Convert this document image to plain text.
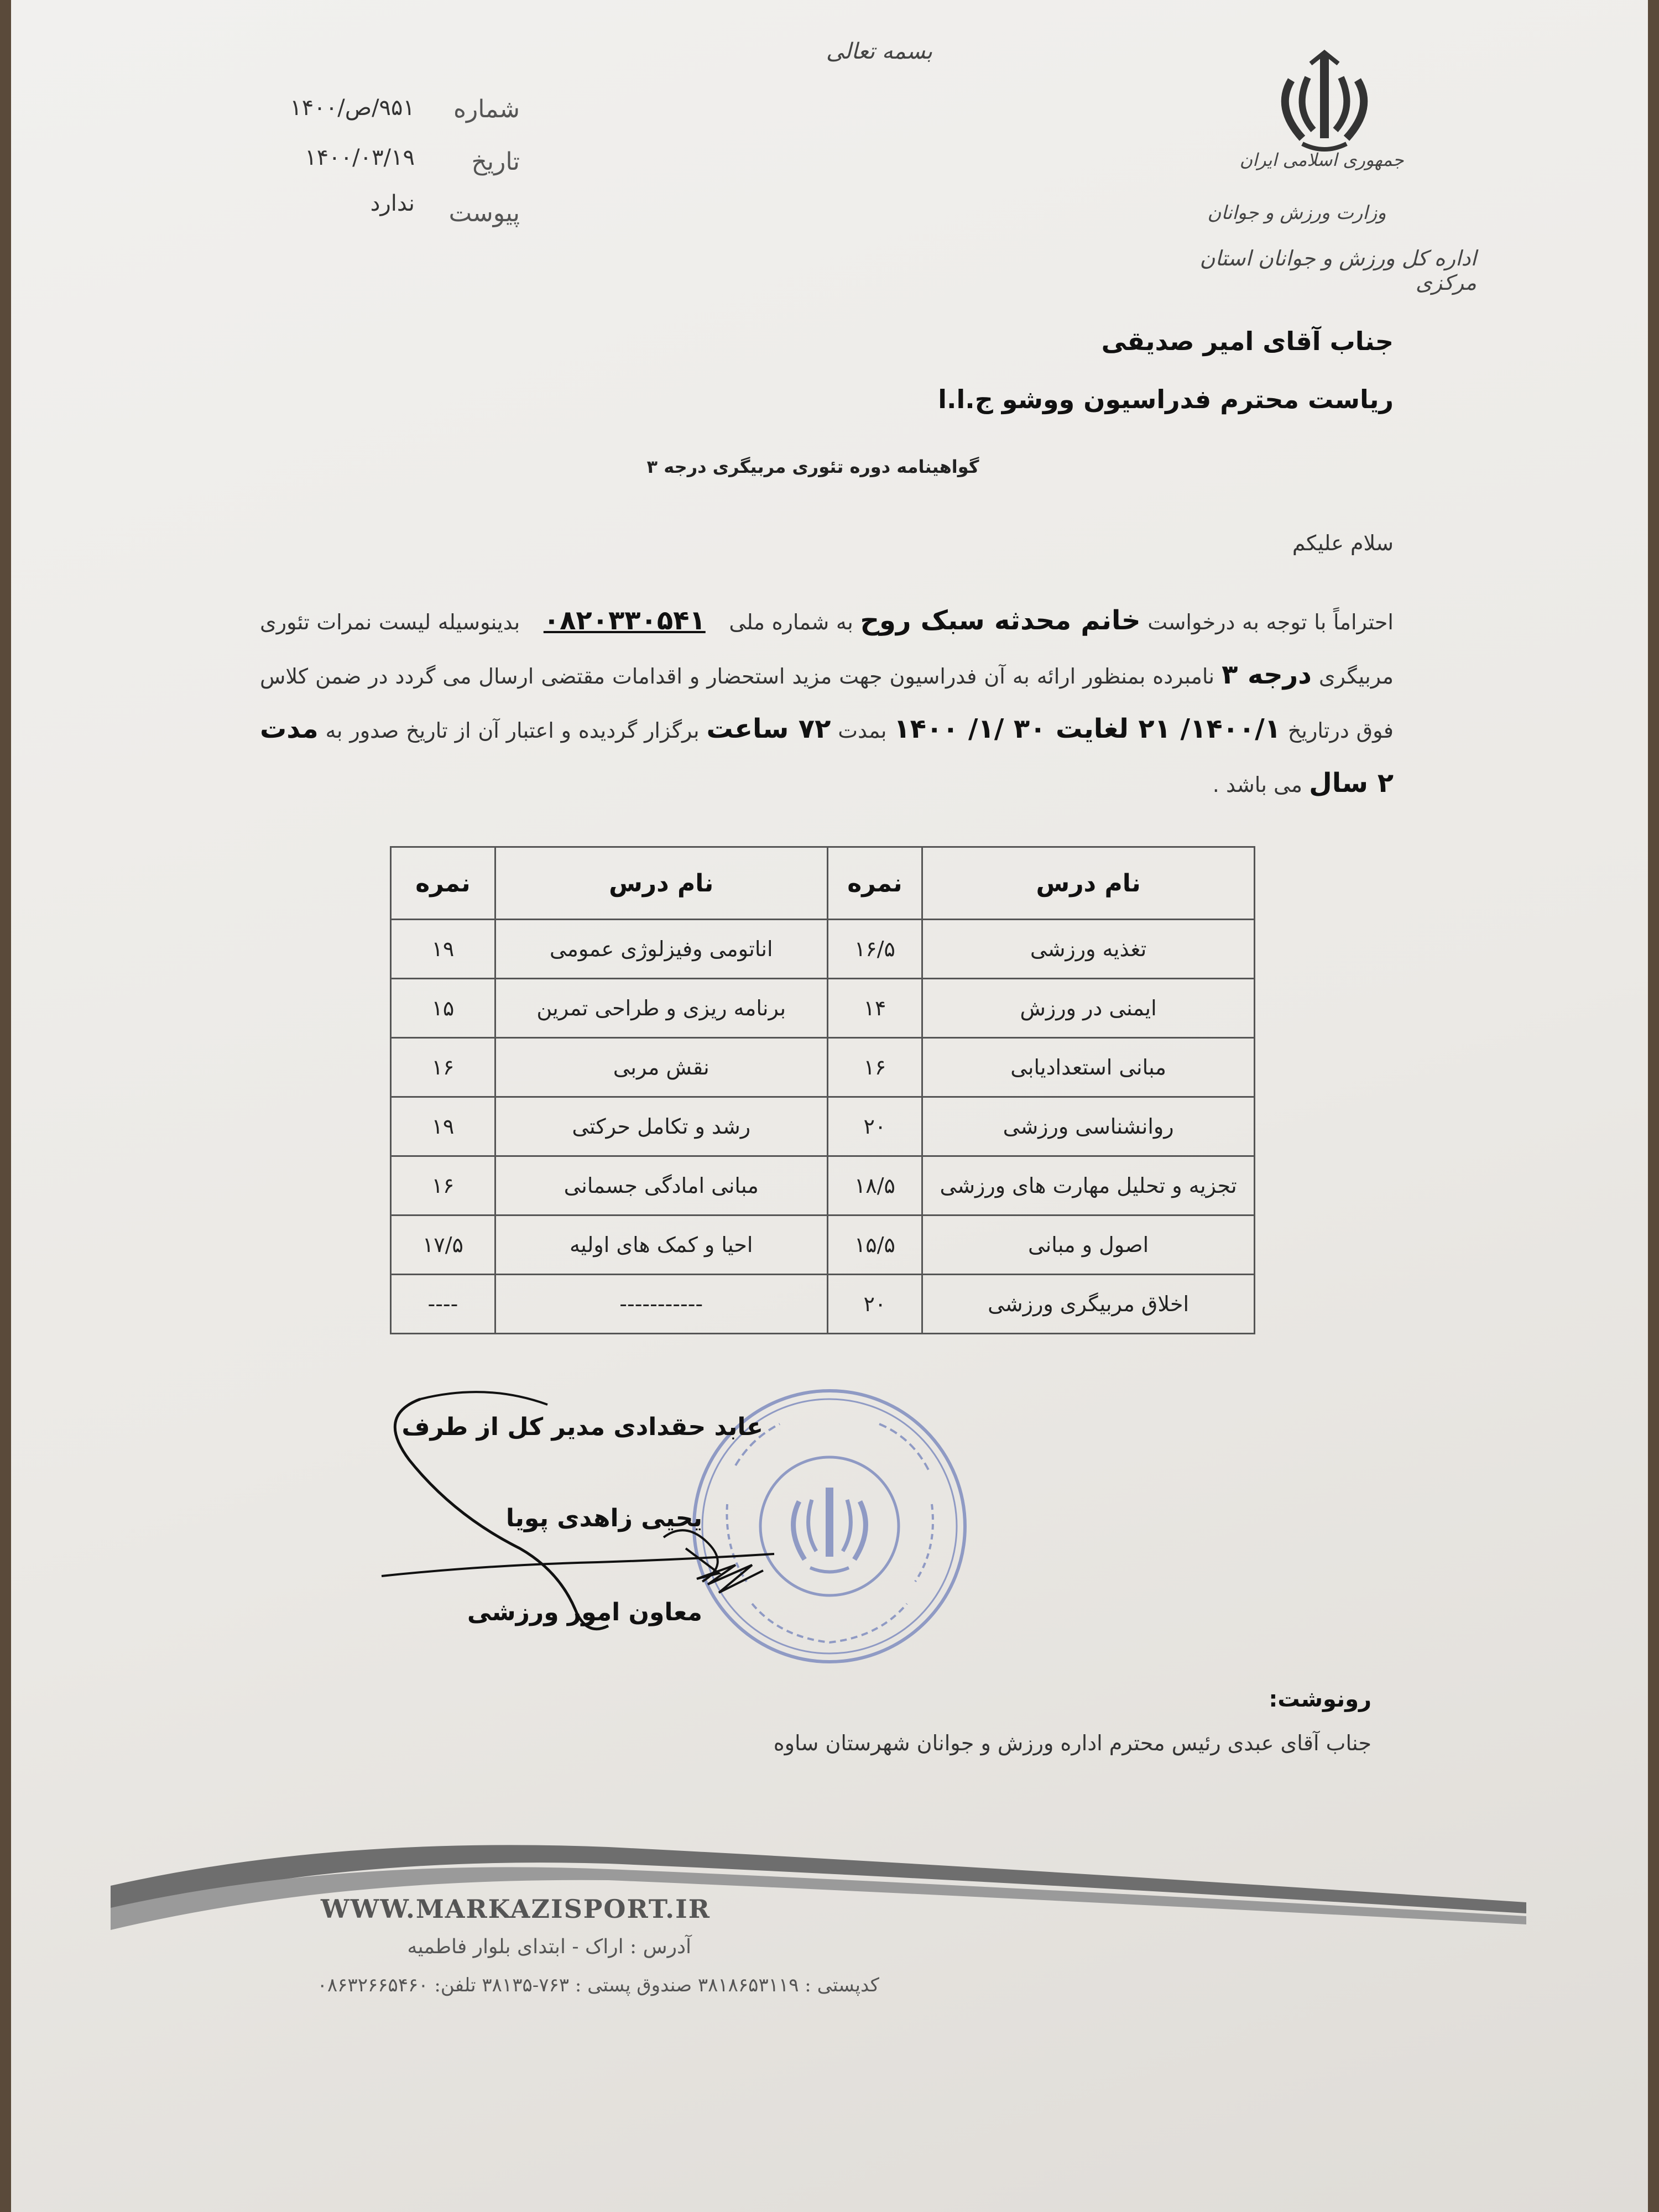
بسمه تعالی
جمهوری اسلامی ایران
وزارت ورزش و جوانان
اداره کل ورزش و جوانان استان مرکزی
شماره
۹۵۱/ص/۱۴۰۰
تاریخ
۱۴۰۰/۰۳/۱۹
پیوست
ندارد
جناب آقای امیر صدیقی
ریاست محترم فدراسیون ووشو ج.ا.ا
گواهینامه دوره تئوری مربیگری درجه ۳
سلام علیکم
احتراماً با توجه به درخواست خانم محدثه سبک روح به شماره ملی ۰۸۲۰۳۳۰۵۴۱ بدینوسیله لیست نمرات تئوری مربیگری درجه ۳ نامبرده بمنظور ارائه به آن فدراسیون جهت مزید استحضار و اقدامات مقتضی ارسال می گردد در ضمن کلاس فوق درتاریخ ۱۴۰۰/۱/ ۲۱ لغایت ۳۰ /۱/ ۱۴۰۰ بمدت ۷۲ ساعت برگزار گردیده و اعتبار آن از تاریخ صدور به مدت ۲ سال می باشد .
نام درس	نمره	نام درس	نمره
تغذیه ورزشی	۱۶/۵	اناتومی وفیزلوژی عمومی	۱۹
ایمنی در ورزش	۱۴	برنامه ریزی و طراحی تمرین	۱۵
مبانی استعدادیابی	۱۶	نقش مربی	۱۶
روانشناسی ورزشی	۲۰	رشد و تکامل حرکتی	۱۹
تجزیه و تحلیل مهارت های ورزشی	۱۸/۵	مبانی امادگی جسمانی	۱۶
اصول و مبانی	۱۵/۵	احیا و کمک های اولیه	۱۷/۵
اخلاق مربیگری ورزشی	۲۰	-----------	----
عابد حقدادی مدیر کل از طرف
یحیی زاهدی پویا
معاون امور ورزشی
رونوشت:
جناب آقای عبدی رئیس محترم اداره ورزش و جوانان شهرستان ساوه
WWW.MARKAZISPORT.IR
آدرس : اراک - ابتدای بلوار فاطمیه
کدپستی : ۳۸۱۸۶۵۳۱۱۹ صندوق پستی : ۷۶۳-۳۸۱۳۵ تلفن: ۰۸۶۳۲۶۶۵۴۶۰
